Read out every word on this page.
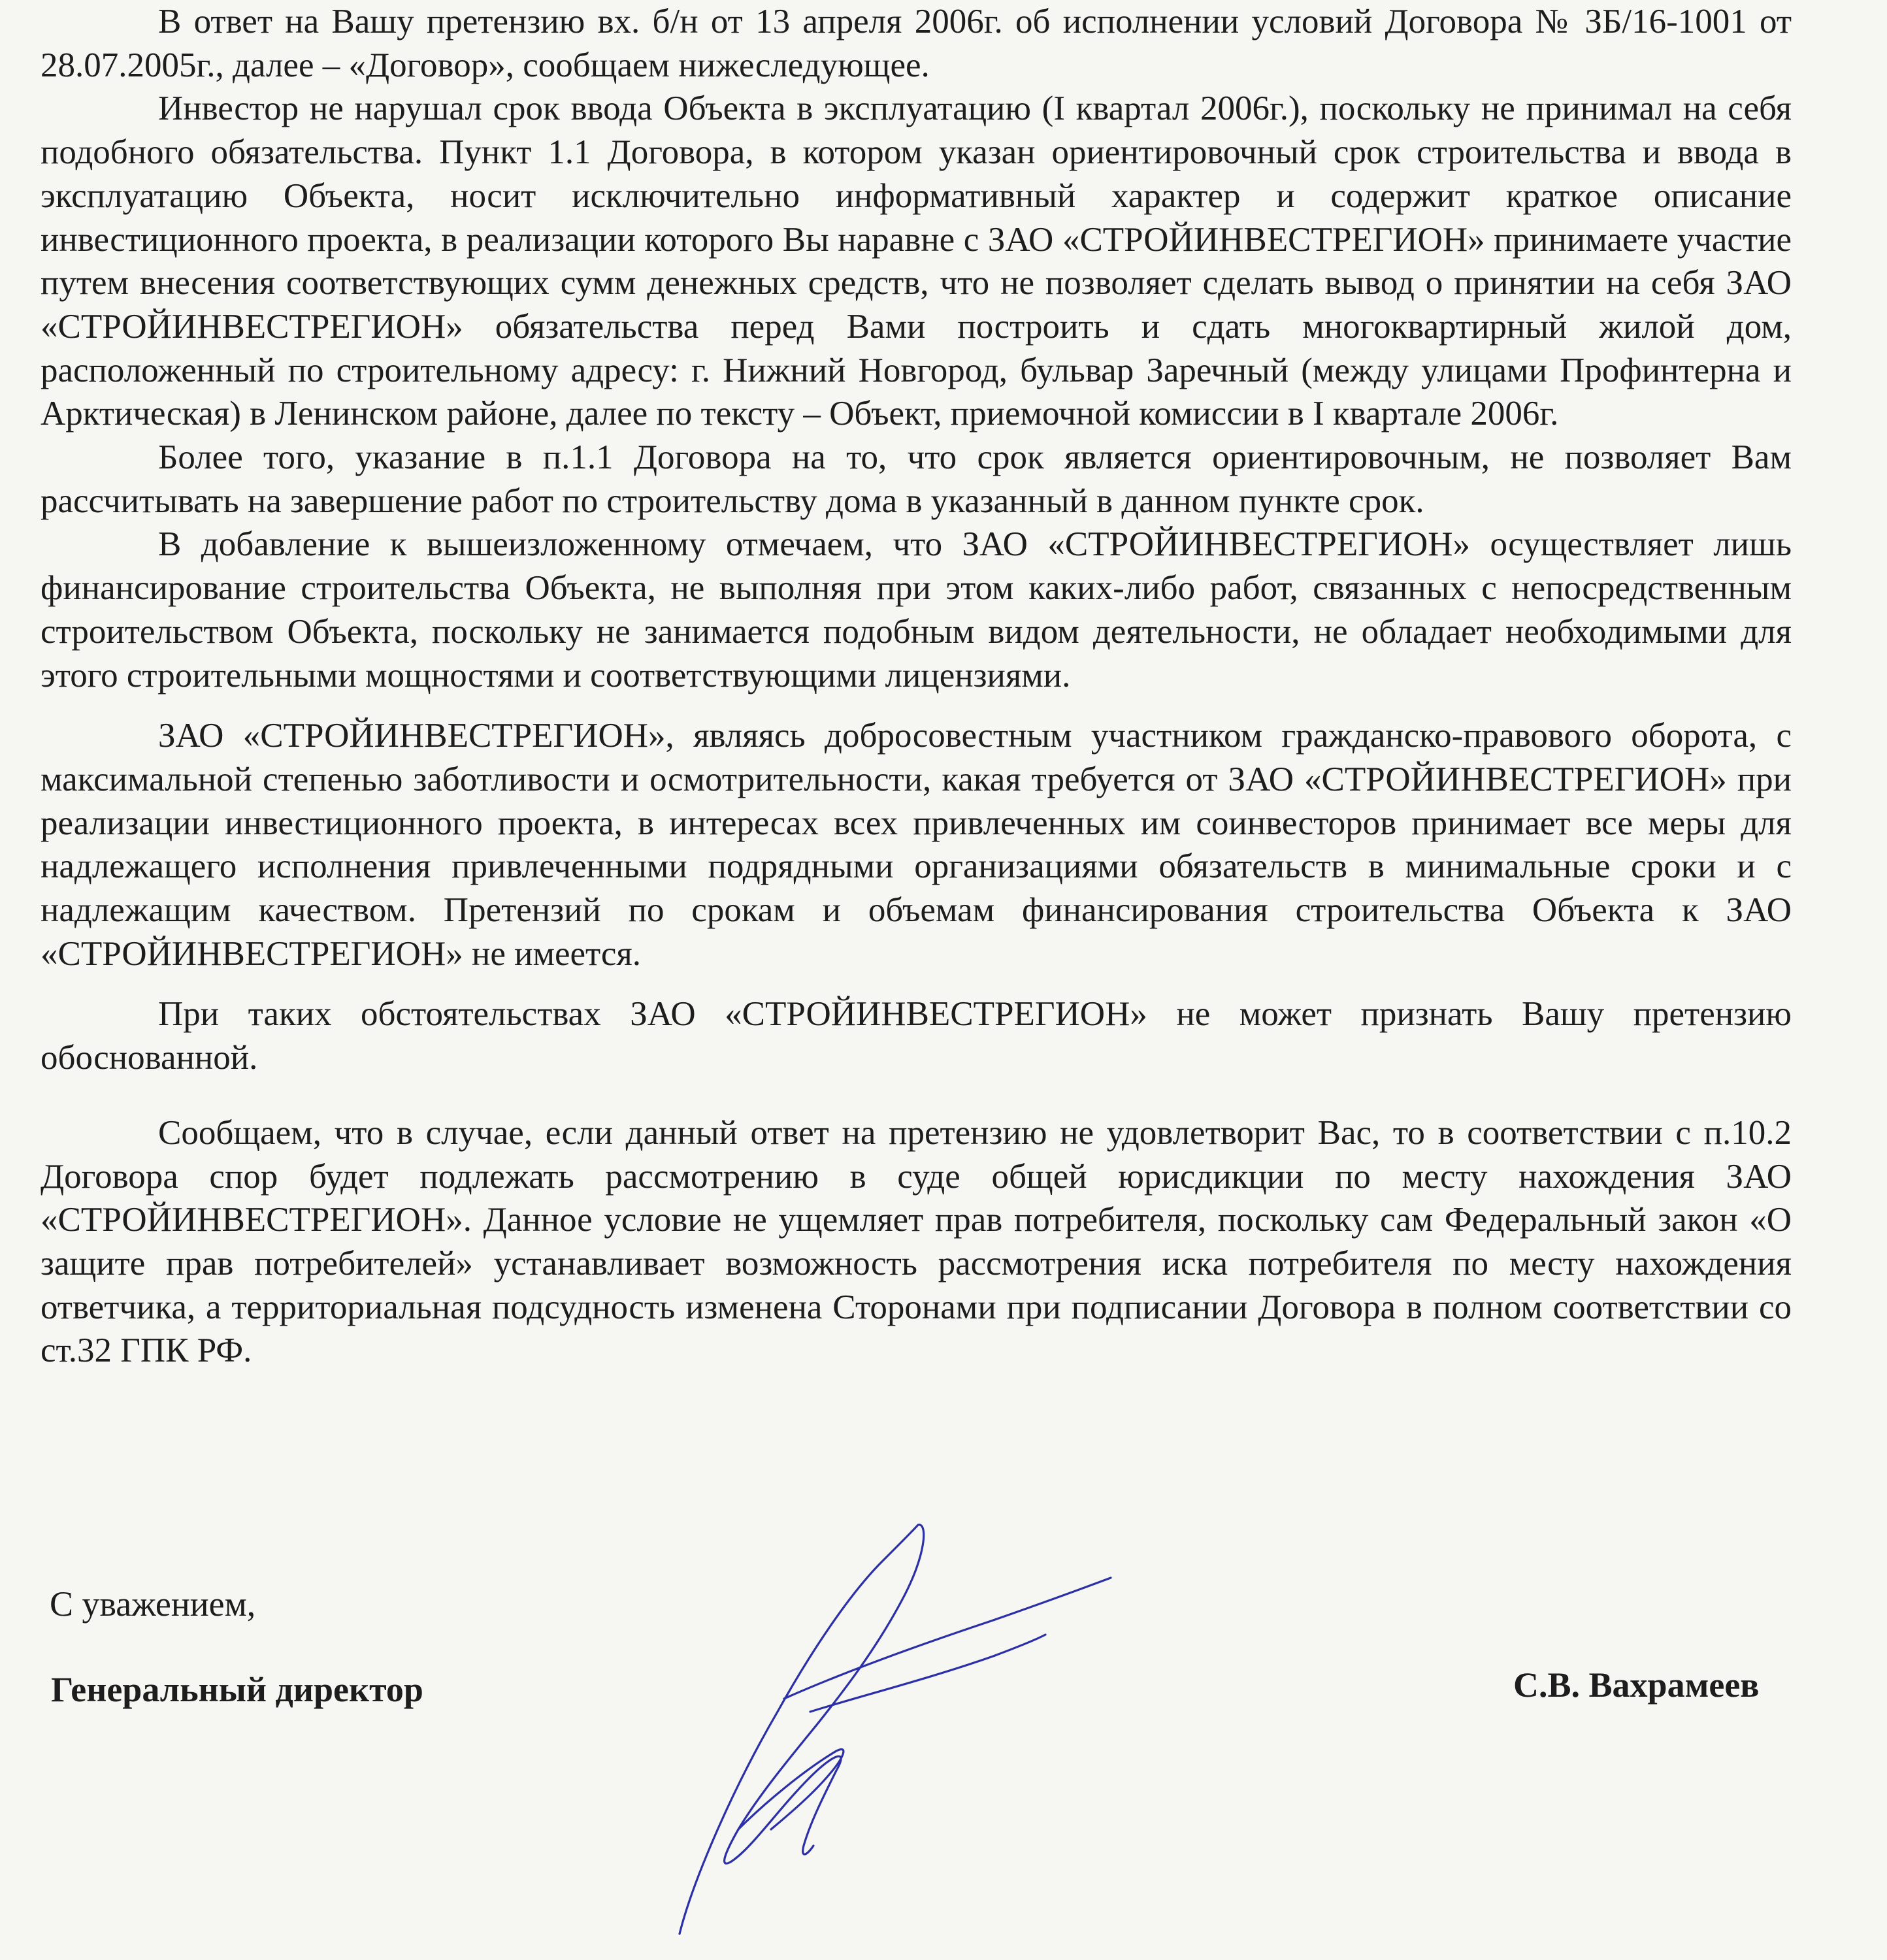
В ответ на Вашу претензию вх. б/н от 13 апреля 2006г. об исполнении условий Договора № ЗБ/16-1001 от 28.07.2005г., далее – «Договор», сообщаем нижеследующее.

Инвестор не нарушал срок ввода Объекта в эксплуатацию (I квартал 2006г.), поскольку не принимал на себя подобного обязательства. Пункт 1.1 Договора, в котором указан ориентировочный срок строительства и ввода в эксплуатацию Объекта, носит исключительно информативный характер и содержит краткое описание инвестиционного проекта, в реализации которого Вы наравне с ЗАО «СТРОЙИНВЕСТРЕГИОН» принимаете участие путем внесения соответствующих сумм денежных средств, что не позволяет сделать вывод о принятии на себя ЗАО «СТРОЙИНВЕСТРЕГИОН» обязательства перед Вами построить и сдать многоквартирный жилой дом, расположенный по строительному адресу: г. Нижний Новгород, бульвар Заречный (между улицами Профинтерна и Арктическая) в Ленинском районе, далее по тексту – Объект, приемочной комиссии в I квартале 2006г.

Более того, указание в п.1.1 Договора на то, что срок является ориентировочным, не позволяет Вам рассчитывать на завершение работ по строительству дома в указанный в данном пункте срок.

В добавление к вышеизложенному отмечаем, что ЗАО «СТРОЙИНВЕСТРЕГИОН» осуществляет лишь финансирование строительства Объекта, не выполняя при этом каких-либо работ, связанных с непосредственным строительством Объекта, поскольку не занимается подобным видом деятельности, не обладает необходимыми для этого строительными мощностями и соответствующими лицензиями.

ЗАО «СТРОЙИНВЕСТРЕГИОН», являясь добросовестным участником гражданско-правового оборота, с максимальной степенью заботливости и осмотрительности, какая требуется от ЗАО «СТРОЙИНВЕСТРЕГИОН» при реализации инвестиционного проекта, в интересах всех привлеченных им соинвесторов принимает все меры для надлежащего исполнения привлеченными подрядными организациями обязательств в минимальные сроки и с надлежащим качеством. Претензий по срокам и объемам финансирования строительства Объекта к ЗАО «СТРОЙИНВЕСТРЕГИОН» не имеется.

При таких обстоятельствах ЗАО «СТРОЙИНВЕСТРЕГИОН» не может признать Вашу претензию обоснованной.

Сообщаем, что в случае, если данный ответ на претензию не удовлетворит Вас, то в соответствии с п.10.2 Договора спор будет подлежать рассмотрению в суде общей юрисдикции по месту нахождения ЗАО «СТРОЙИНВЕСТРЕГИОН». Данное условие не ущемляет прав потребителя, поскольку сам Федеральный закон «О защите прав потребителей» устанавливает возможность рассмотрения иска потребителя по месту нахождения ответчика, а территориальная подсудность изменена Сторонами при подписании Договора в полном соответствии со ст.32 ГПК РФ.

С уважением,

Генеральный директор	С.В. Вахрамеев
